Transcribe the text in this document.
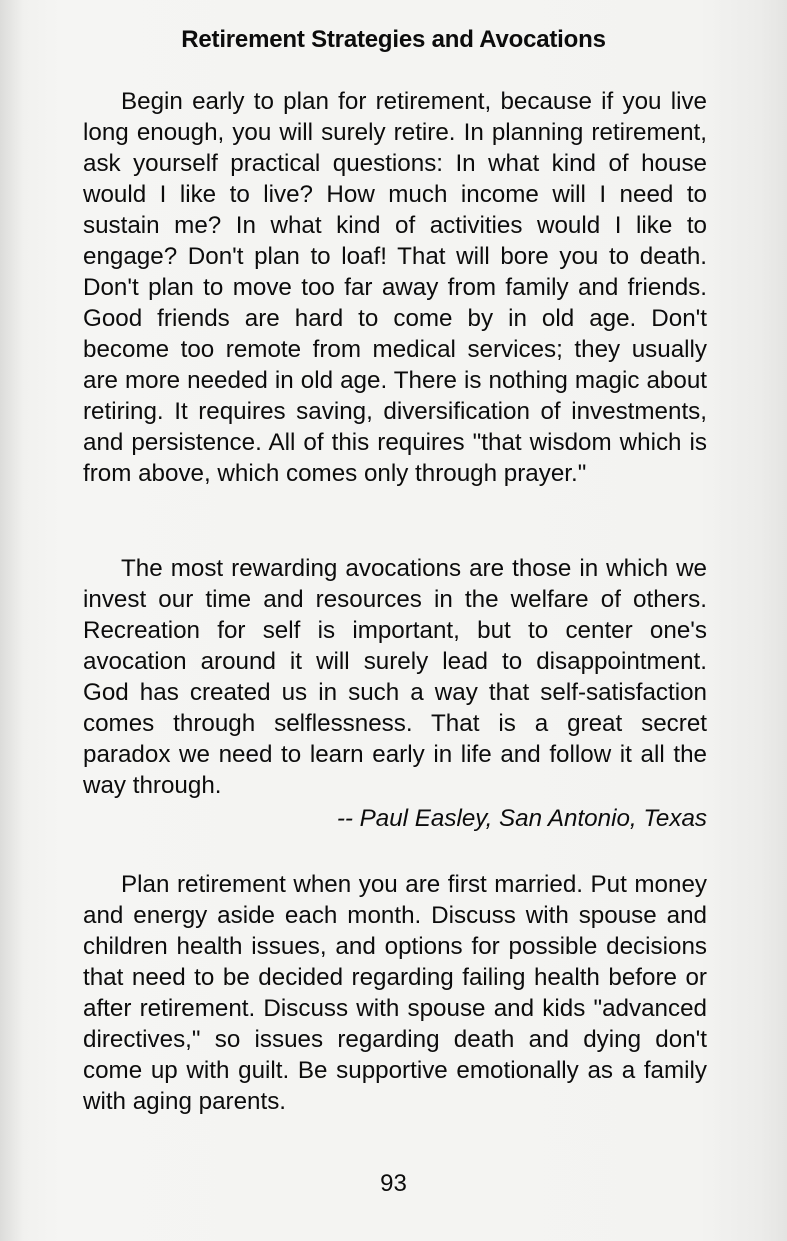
Retirement Strategies and Avocations

Begin early to plan for retirement, because if you live long enough, you will surely retire. In planning retirement, ask yourself practical questions: In what kind of house would I like to live? How much income will I need to sustain me? In what kind of activities would I like to engage? Don't plan to loaf! That will bore you to death. Don't plan to move too far away from family and friends. Good friends are hard to come by in old age. Don't become too remote from medical services; they usually are more needed in old age. There is nothing magic about retiring. It requires saving, diversification of investments, and persistence. All of this requires "that wisdom which is from above, which comes only through prayer."

The most rewarding avocations are those in which we invest our time and resources in the welfare of others. Recreation for self is important, but to center one's avocation around it will surely lead to disappointment. God has created us in such a way that self-satisfaction comes through selflessness. That is a great secret paradox we need to learn early in life and follow it all the way through.

-- Paul Easley, San Antonio, Texas

Plan retirement when you are first married. Put money and energy aside each month. Discuss with spouse and children health issues, and options for possible decisions that need to be decided regarding failing health before or after retirement. Discuss with spouse and kids "advanced directives," so issues regarding death and dying don't come up with guilt. Be supportive emotionally as a family with aging parents.

93
